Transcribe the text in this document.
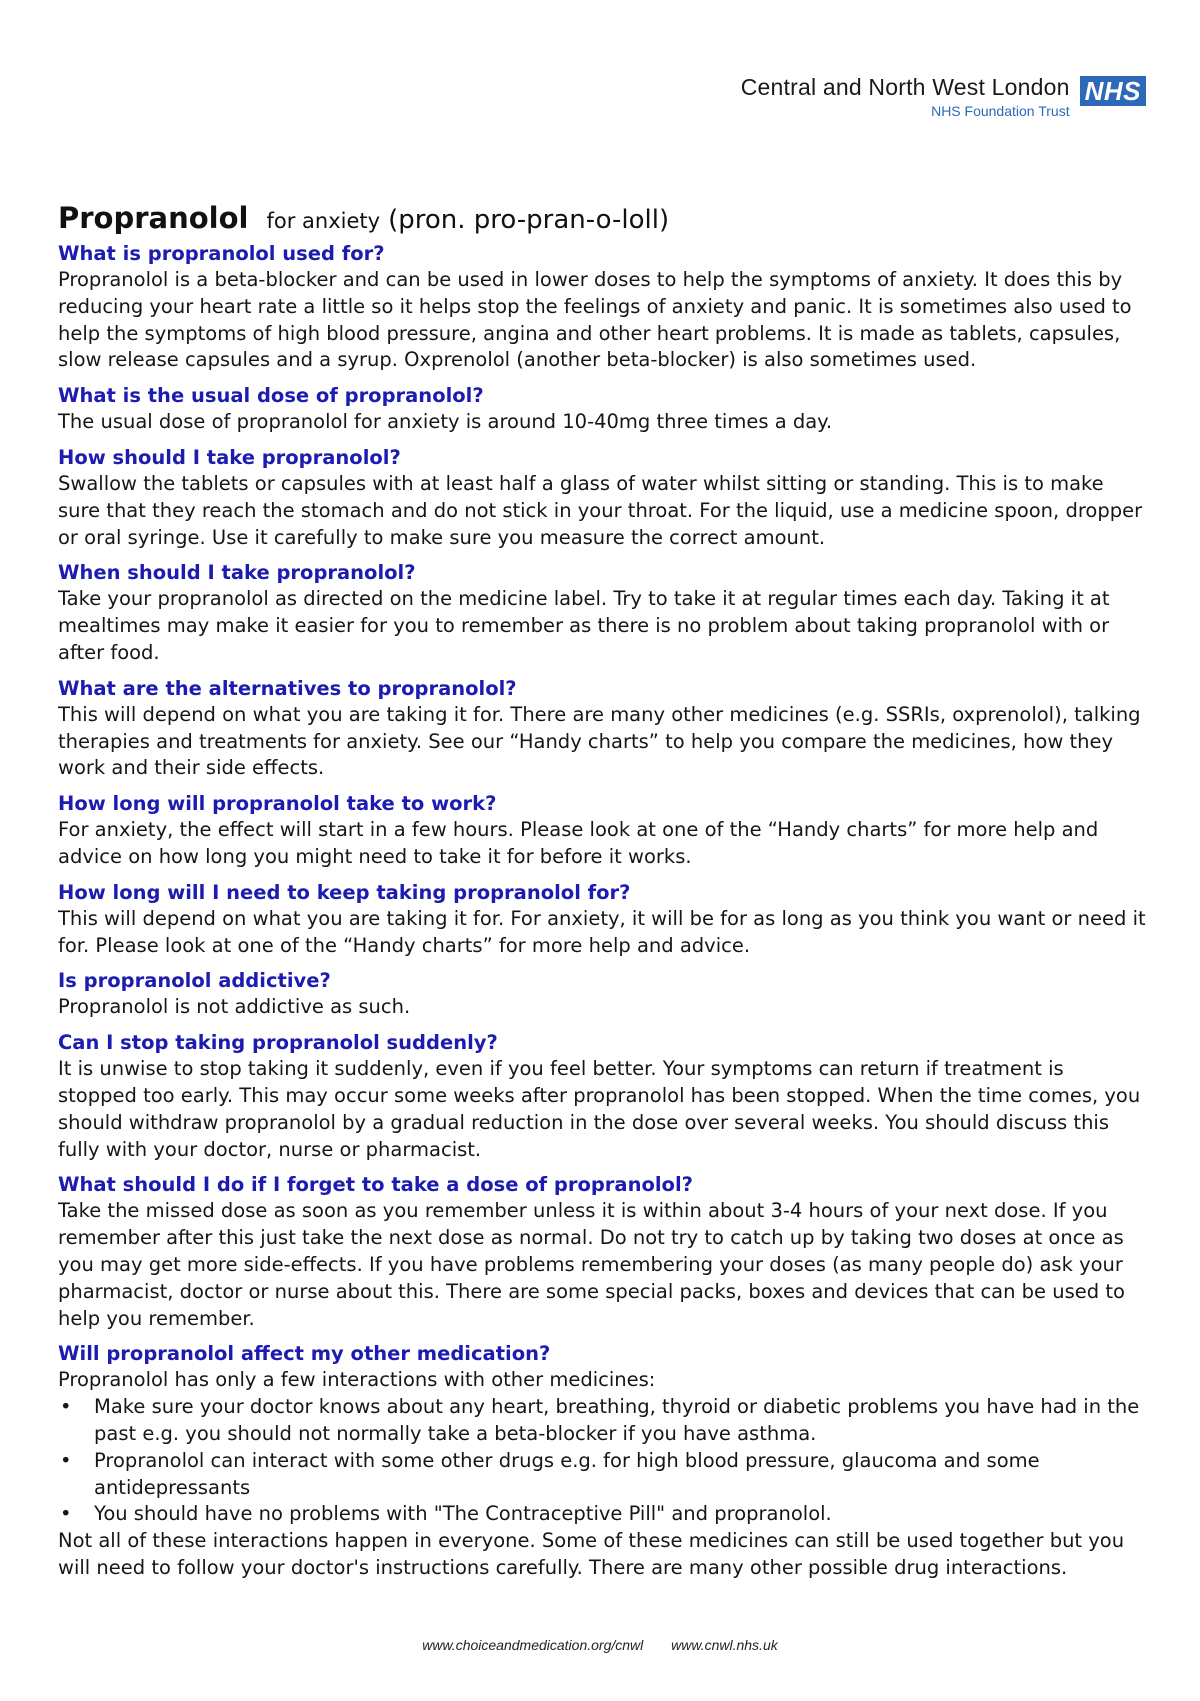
Central and North West London
NHS Foundation Trust
NHS
Propranolol for anxiety (pron. pro-pran-o-loll)
What is propranolol used for?
Propranolol is a beta-blocker and can be used in lower doses to help the symptoms of anxiety. It does this by reducing your heart rate a little so it helps stop the feelings of anxiety and panic. It is sometimes also used to help the symptoms of high blood pressure, angina and other heart problems. It is made as tablets, capsules, slow release capsules and a syrup. Oxprenolol (another beta-blocker) is also sometimes used.
What is the usual dose of propranolol?
The usual dose of propranolol for anxiety is around 10-40mg three times a day.
How should I take propranolol?
Swallow the tablets or capsules with at least half a glass of water whilst sitting or standing. This is to make sure that they reach the stomach and do not stick in your throat. For the liquid, use a medicine spoon, dropper or oral syringe. Use it carefully to make sure you measure the correct amount.
When should I take propranolol?
Take your propranolol as directed on the medicine label. Try to take it at regular times each day. Taking it at mealtimes may make it easier for you to remember as there is no problem about taking propranolol with or after food.
What are the alternatives to propranolol?
This will depend on what you are taking it for. There are many other medicines (e.g. SSRIs, oxprenolol), talking therapies and treatments for anxiety. See our “Handy charts” to help you compare the medicines, how they work and their side effects.
How long will propranolol take to work?
For anxiety, the effect will start in a few hours. Please look at one of the “Handy charts” for more help and advice on how long you might need to take it for before it works.
How long will I need to keep taking propranolol for?
This will depend on what you are taking it for. For anxiety, it will be for as long as you think you want or need it for. Please look at one of the “Handy charts” for more help and advice.
Is propranolol addictive?
Propranolol is not addictive as such.
Can I stop taking propranolol suddenly?
It is unwise to stop taking it suddenly, even if you feel better. Your symptoms can return if treatment is stopped too early. This may occur some weeks after propranolol has been stopped. When the time comes, you should withdraw propranolol by a gradual reduction in the dose over several weeks. You should discuss this fully with your doctor, nurse or pharmacist.
What should I do if I forget to take a dose of propranolol?
Take the missed dose as soon as you remember unless it is within about 3-4 hours of your next dose. If you remember after this just take the next dose as normal. Do not try to catch up by taking two doses at once as you may get more side-effects. If you have problems remembering your doses (as many people do) ask your pharmacist, doctor or nurse about this. There are some special packs, boxes and devices that can be used to help you remember.
Will propranolol affect my other medication?
Propranolol has only a few interactions with other medicines:
• Make sure your doctor knows about any heart, breathing, thyroid or diabetic problems you have had in the past e.g. you should not normally take a beta-blocker if you have asthma.
• Propranolol can interact with some other drugs e.g. for high blood pressure, glaucoma and some antidepressants
• You should have no problems with "The Contraceptive Pill" and propranolol.
Not all of these interactions happen in everyone. Some of these medicines can still be used together but you will need to follow your doctor's instructions carefully. There are many other possible drug interactions.
www.choiceandmedication.org/cnwl www.cnwl.nhs.uk
